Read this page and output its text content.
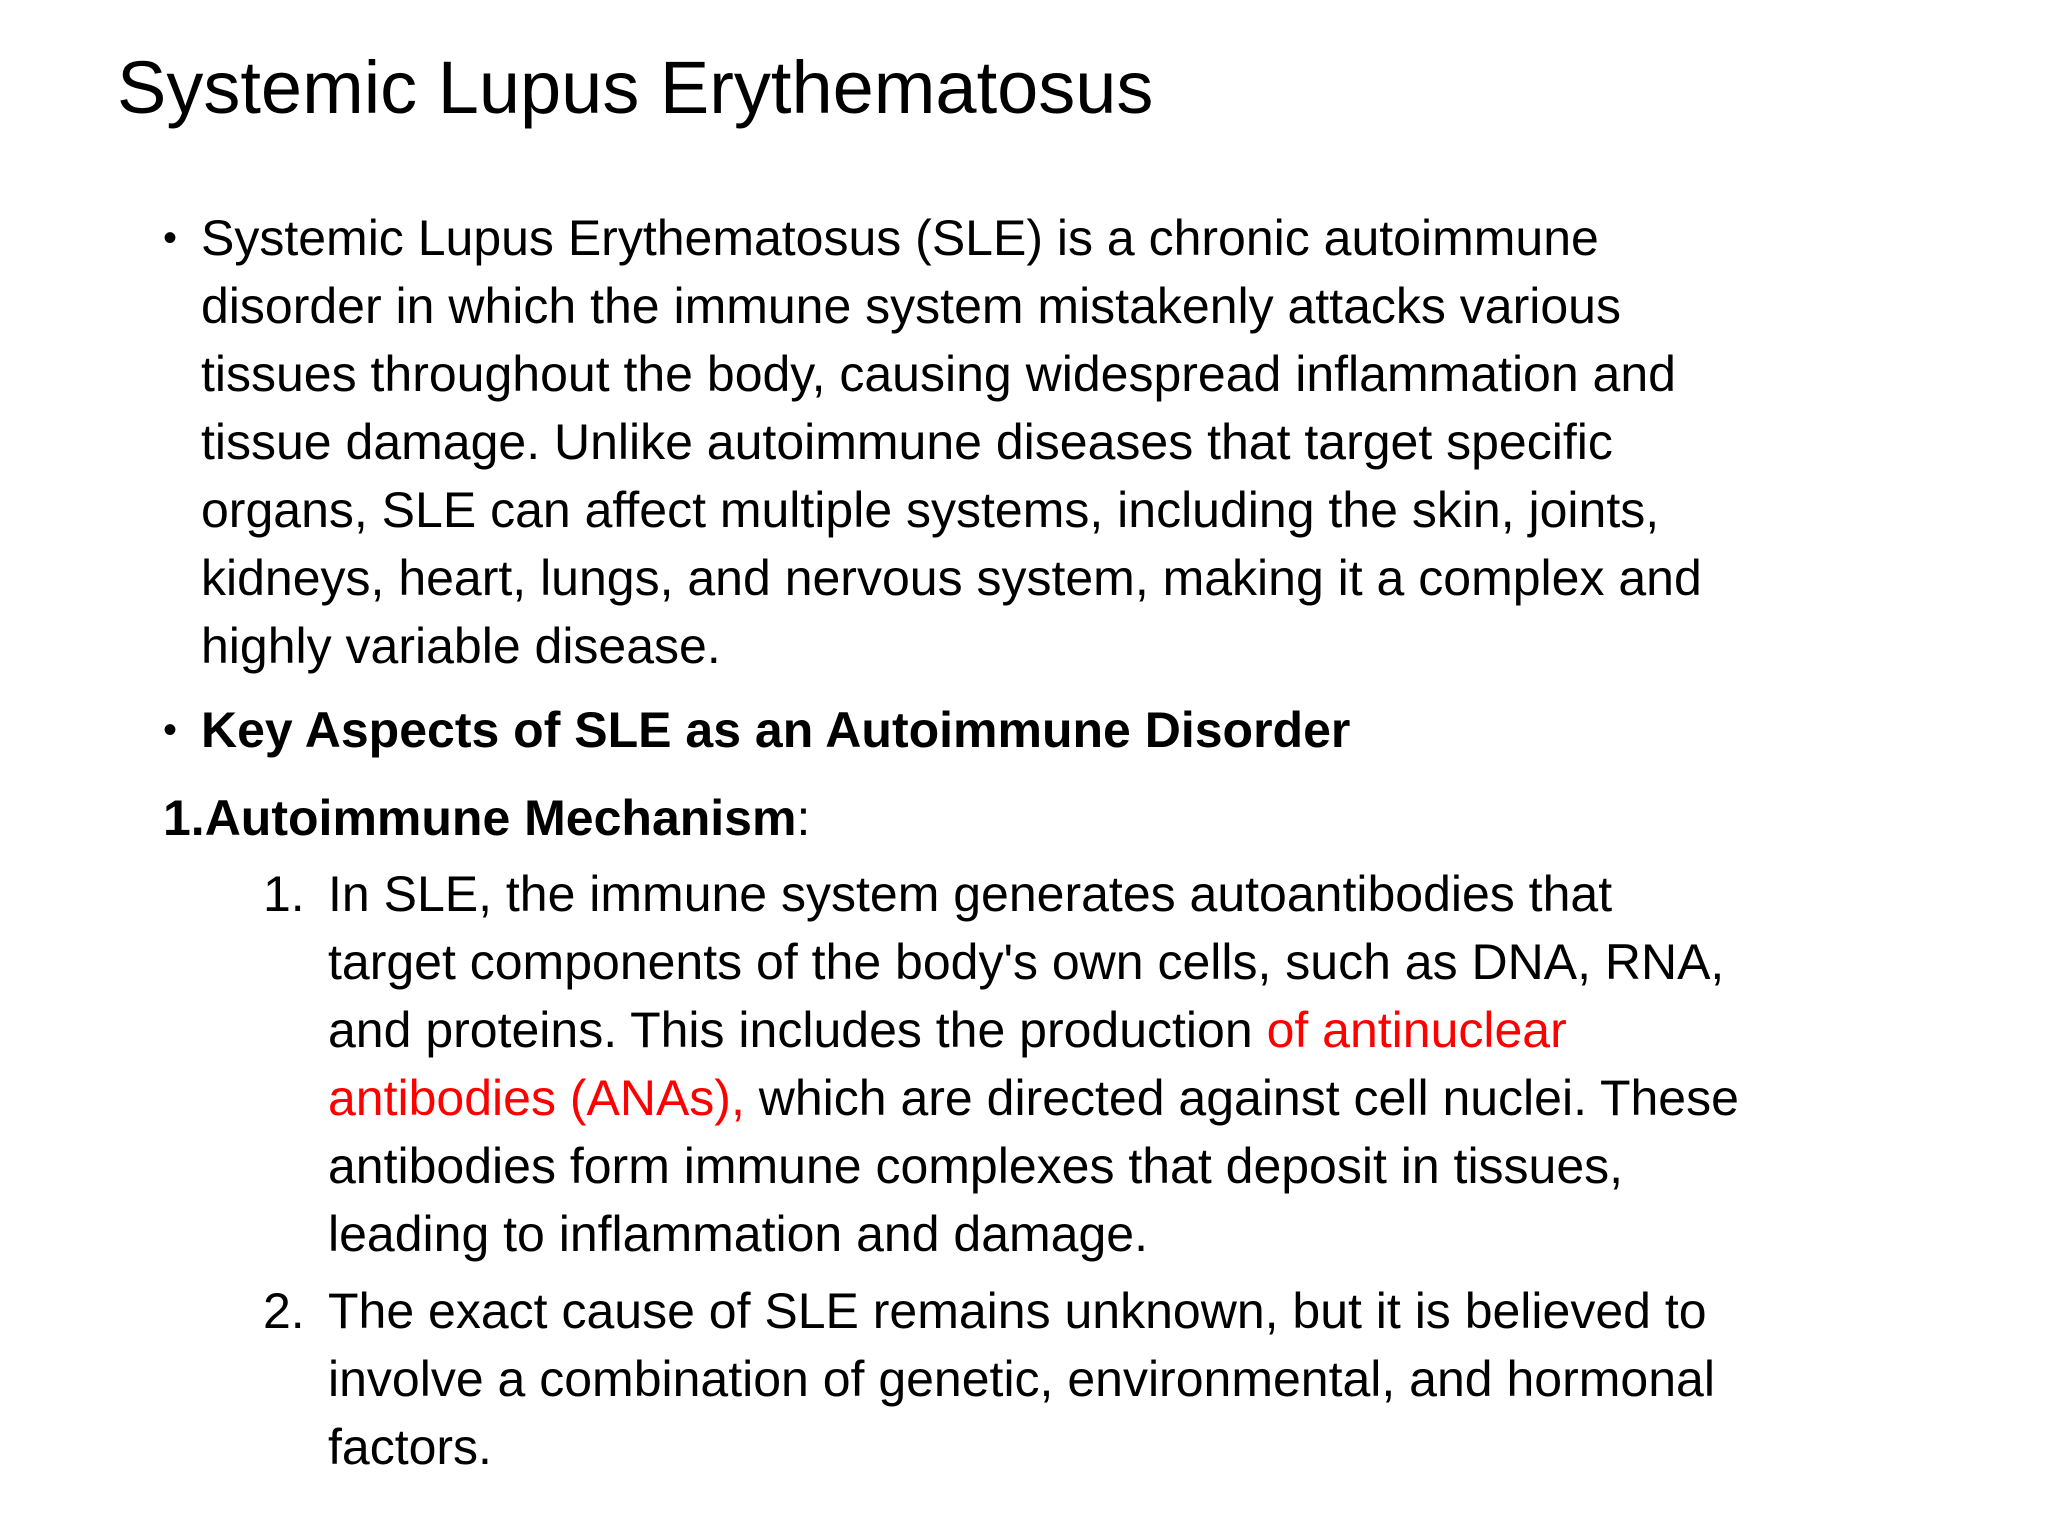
Systemic Lupus Erythematosus
• Systemic Lupus Erythematosus (SLE) is a chronic autoimmune
disorder in which the immune system mistakenly attacks various
tissues throughout the body, causing widespread inflammation and
tissue damage. Unlike autoimmune diseases that target specific
organs, SLE can affect multiple systems, including the skin, joints,
kidneys, heart, lungs, and nervous system, making it a complex and
highly variable disease.
• Key Aspects of SLE as an Autoimmune Disorder

1.Autoimmune Mechanism:

1. In SLE, the immune system generates autoantibodies that
target components of the body's own cells, such as DNA, RNA,
and proteins. This includes the production of antinuclear
antibodies (ANAs), which are directed against cell nuclei. These
antibodies form immune complexes that deposit in tissues,
leading to inflammation and damage.
2. The exact cause of SLE remains unknown, but it is believed to
involve a combination of genetic, environmental, and hormonal
factors.
